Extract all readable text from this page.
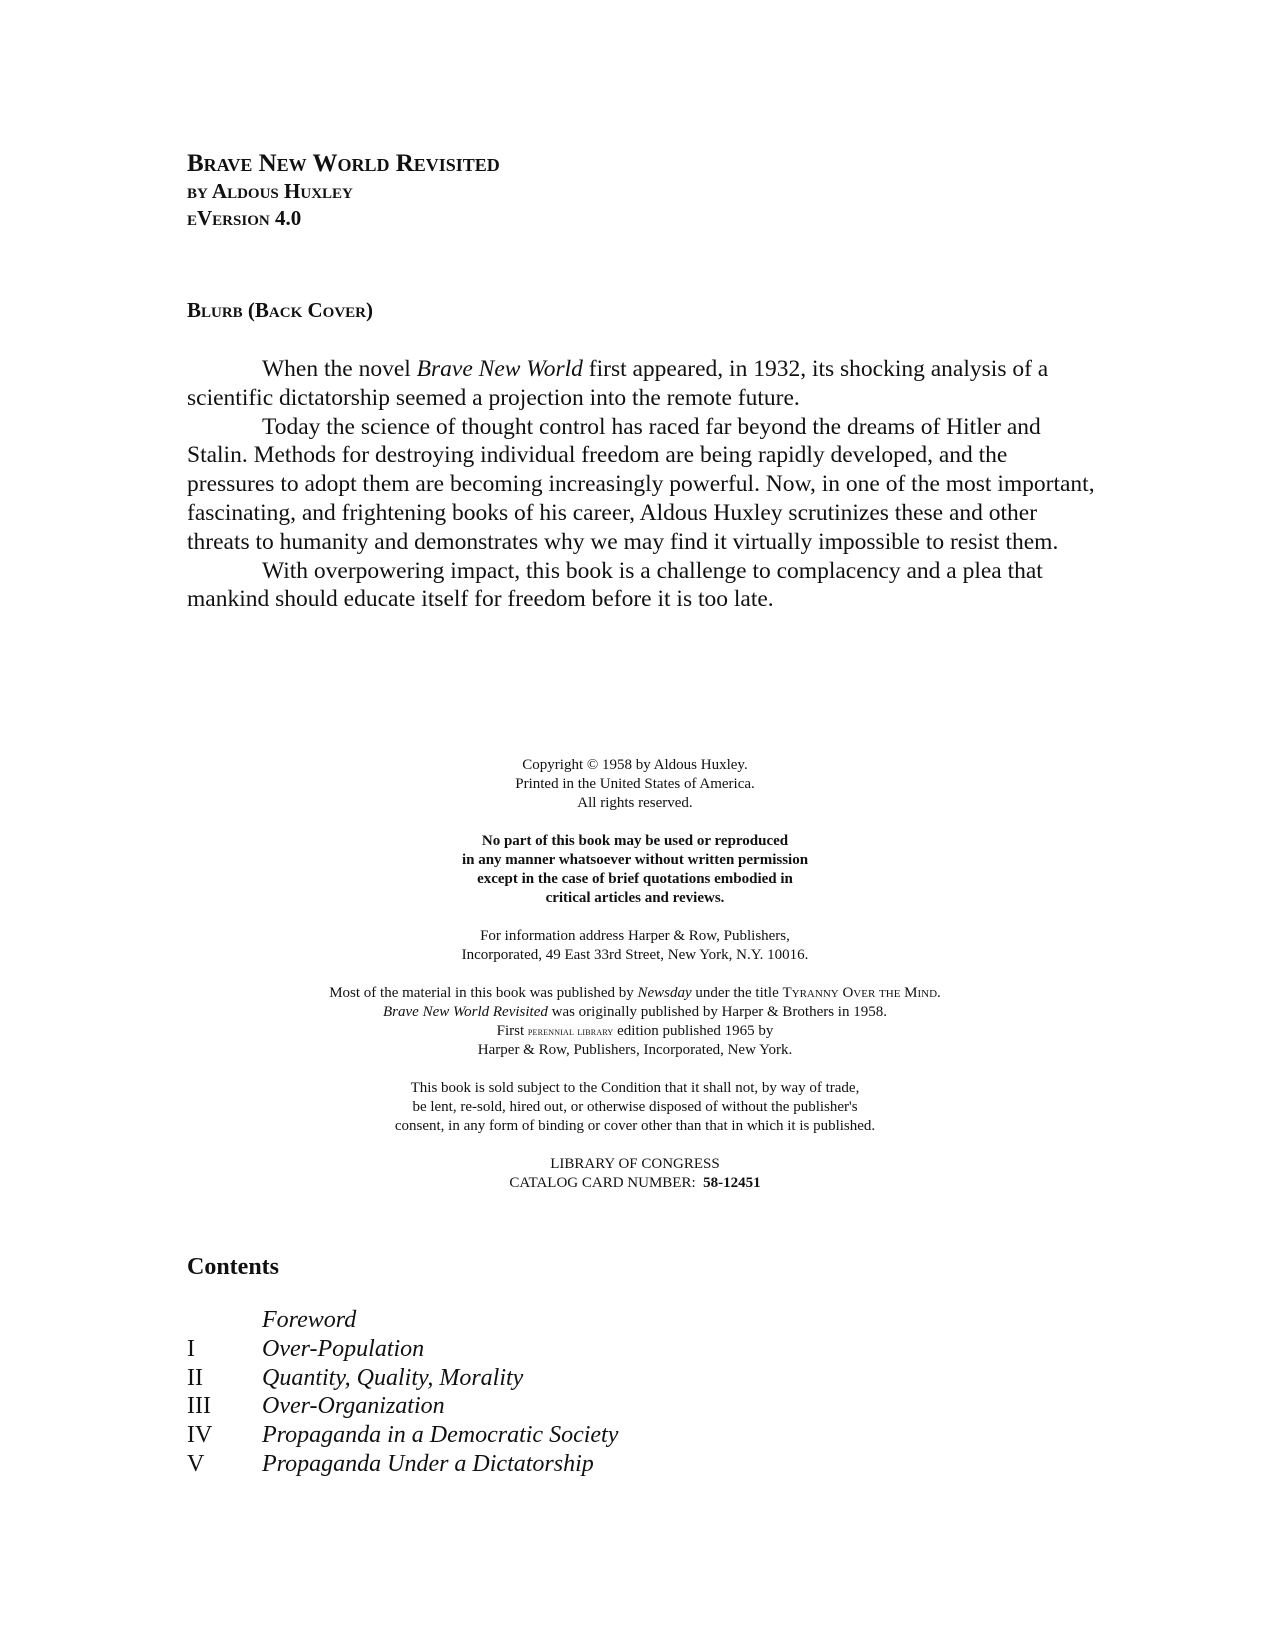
Brave New World Revisited
by Aldous Huxley
eVersion 4.0
Blurb (Back Cover)

When the novel Brave New World first appeared, in 1932, its shocking analysis of a scientific dictatorship seemed a projection into the remote future.

Today the science of thought control has raced far beyond the dreams of Hitler and Stalin. Methods for destroying individual freedom are being rapidly developed, and the pressures to adopt them are becoming increasingly powerful. Now, in one of the most important, fascinating, and frightening books of his career, Aldous Huxley scrutinizes these and other threats to humanity and demonstrates why we may find it virtually impossible to resist them.

With overpowering impact, this book is a challenge to complacency and a plea that mankind should educate itself for freedom before it is too late.

Copyright © 1958 by Aldous Huxley.
Printed in the United States of America.
All rights reserved.

No part of this book may be used or reproduced
in any manner whatsoever without written permission
except in the case of brief quotations embodied in
critical articles and reviews.

For information address Harper & Row, Publishers,
Incorporated, 49 East 33rd Street, New York, N.Y. 10016.

Most of the material in this book was published by Newsday under the title Tyranny Over the Mind.
Brave New World Revisited was originally published by Harper & Brothers in 1958.
First perennial library edition published 1965 by
Harper & Row, Publishers, Incorporated, New York.

This book is sold subject to the Condition that it shall not, by way of trade,
be lent, re-sold, hired out, or otherwise disposed of without the publisher's
consent, in any form of binding or cover other than that in which it is published.

LIBRARY OF CONGRESS
CATALOG CARD NUMBER: 58-12451

Contents
Foreword
I	Over-Population
II	Quantity, Quality, Morality
III	Over-Organization
IV	Propaganda in a Democratic Society
V	Propaganda Under a Dictatorship
